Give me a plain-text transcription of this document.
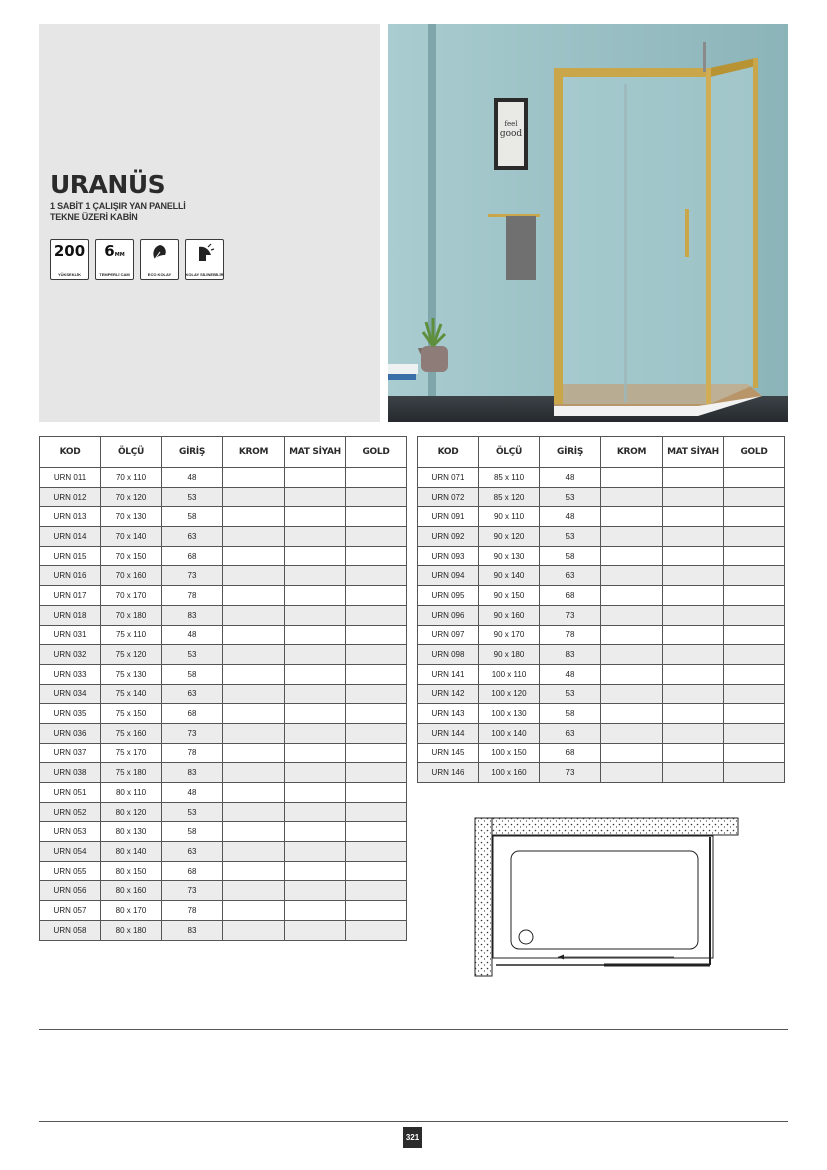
URANÜS
1 SABİT 1 ÇALIŞIR YAN PANELLİ
TEKNE ÜZERİ KABİN
200
YÜKSEKLİK
6MM
TEMPERLİ CAM	ECO KOLAY	KOLAY SİLİNEBİLİR
feel
good
KOD	ÖLÇÜ	GİRİŞ	KROM	MAT SİYAH	GOLD
URN 011	70 x 110	48			
URN 012	70 x 120	53			
URN 013	70 x 130	58			
URN 014	70 x 140	63			
URN 015	70 x 150	68			
URN 016	70 x 160	73			
URN 017	70 x 170	78			
URN 018	70 x 180	83			
URN 031	75 x 110	48			
URN 032	75 x 120	53			
URN 033	75 x 130	58			
URN 034	75 x 140	63			
URN 035	75 x 150	68			
URN 036	75 x 160	73			
URN 037	75 x 170	78			
URN 038	75 x 180	83			
URN 051	80 x 110	48			
URN 052	80 x 120	53			
URN 053	80 x 130	58			
URN 054	80 x 140	63			
URN 055	80 x 150	68			
URN 056	80 x 160	73			
URN 057	80 x 170	78			
URN 058	80 x 180	83			
KOD	ÖLÇÜ	GİRİŞ	KROM	MAT SİYAH	GOLD
URN 071	85 x 110	48			
URN 072	85 x 120	53			
URN 091	90 x 110	48			
URN 092	90 x 120	53			
URN 093	90 x 130	58			
URN 094	90 x 140	63			
URN 095	90 x 150	68			
URN 096	90 x 160	73			
URN 097	90 x 170	78			
URN 098	90 x 180	83			
URN 141	100 x 110	48			
URN 142	100 x 120	53			
URN 143	100 x 130	58			
URN 144	100 x 140	63			
URN 145	100 x 150	68			
URN 146	100 x 160	73			
321
